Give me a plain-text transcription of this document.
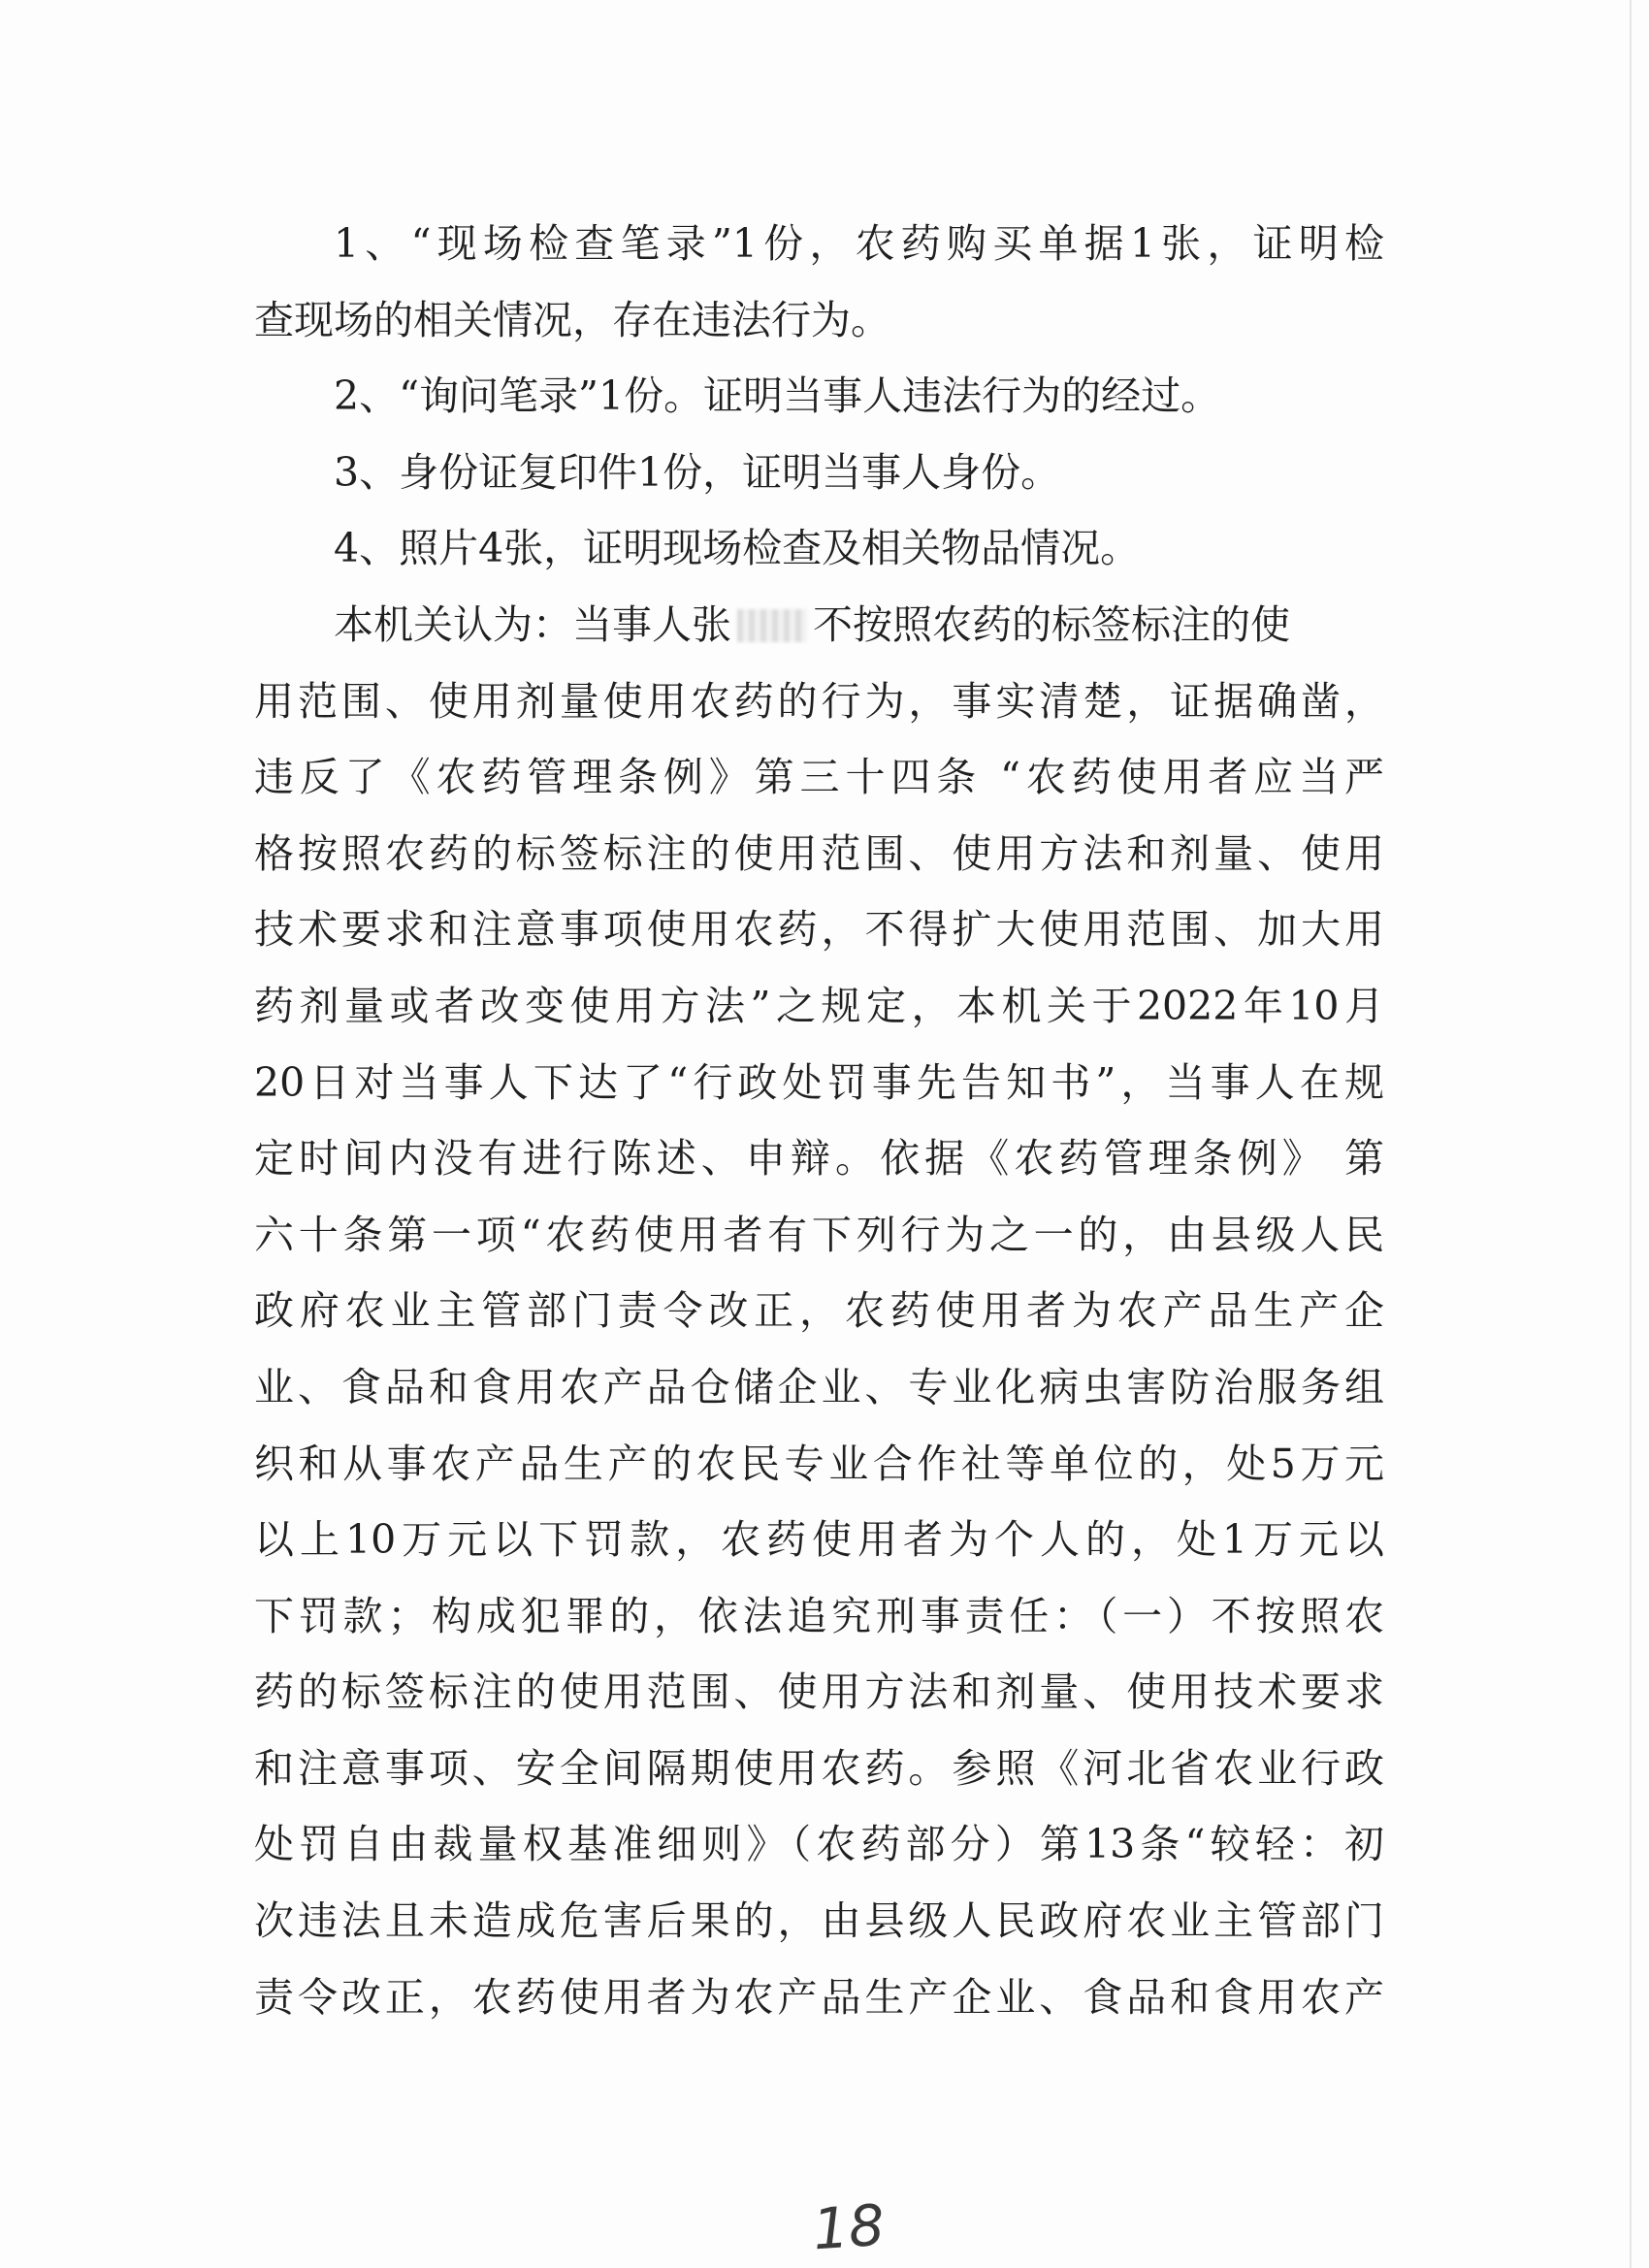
1、“现场检查笔录”1份，农药购买单据1张，证明检
查现场的相关情况，存在违法行为。
2、“询问笔录”1份。证明当事人违法行为的经过。
3、身份证复印件1份，证明当事人身份。
4、照片4张，证明现场检查及相关物品情况。
本机关认为：当事人张 不按照农药的标签标注的使
用范围、使用剂量使用农药的行为，事实清楚，证据确凿，
违反了《农药管理条例》第三十四条 “农药使用者应当严
格按照农药的标签标注的使用范围、使用方法和剂量、使用
技术要求和注意事项使用农药，不得扩大使用范围、加大用
药剂量或者改变使用方法”之规定，本机关于2022年10月
20日对当事人下达了“行政处罚事先告知书”，当事人在规
定时间内没有进行陈述、申辩。依据《农药管理条例》 第
六十条第一项“农药使用者有下列行为之一的，由县级人民
政府农业主管部门责令改正，农药使用者为农产品生产企
业、食品和食用农产品仓储企业、专业化病虫害防治服务组
织和从事农产品生产的农民专业合作社等单位的，处5万元
以上10万元以下罚款，农药使用者为个人的，处1万元以
下罚款；构成犯罪的，依法追究刑事责任：（一）不按照农
药的标签标注的使用范围、使用方法和剂量、使用技术要求
和注意事项、安全间隔期使用农药。参照《河北省农业行政
处罚自由裁量权基准细则》（农药部分）第13条“较轻：初
次违法且未造成危害后果的，由县级人民政府农业主管部门
责令改正，农药使用者为农产品生产企业、食品和食用农产
18
